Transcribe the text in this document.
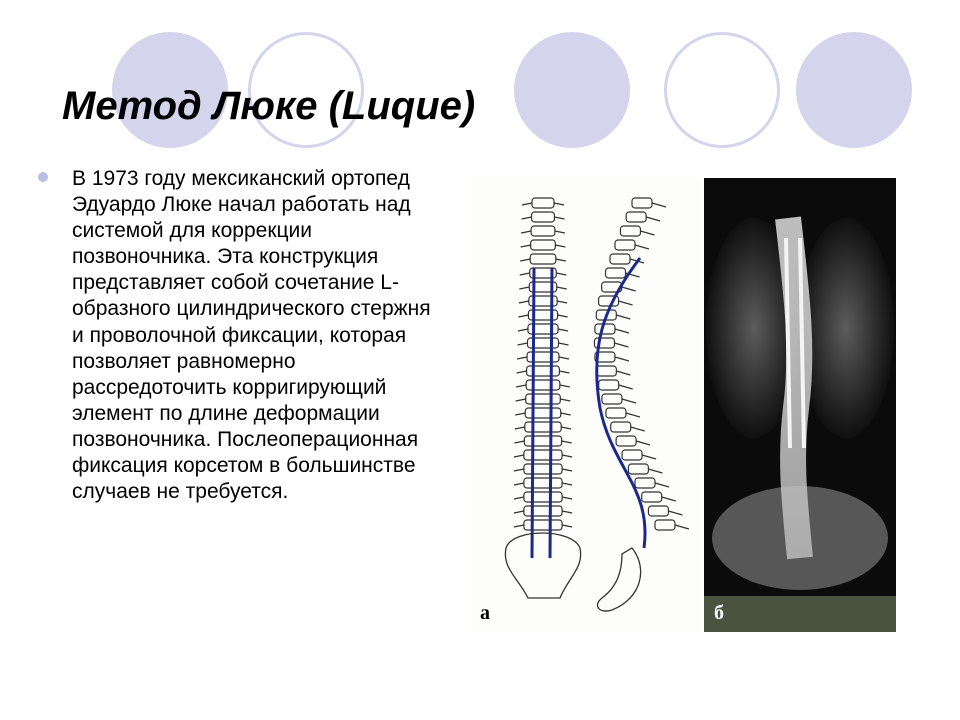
Метод Люке (Luque)

В 1973 году мексиканский ортопед Эдуардо Люке начал работать над системой для коррекции позвоночника. Эта конструкция представляет собой сочетание L-образного цилиндрического стержня и проволочной фиксации, которая позволяет равномерно рассредоточить корригирующий элемент по длине деформации позвоночника. Послеоперационная фиксация корсетом в большинстве случаев не требуется.

а	б
